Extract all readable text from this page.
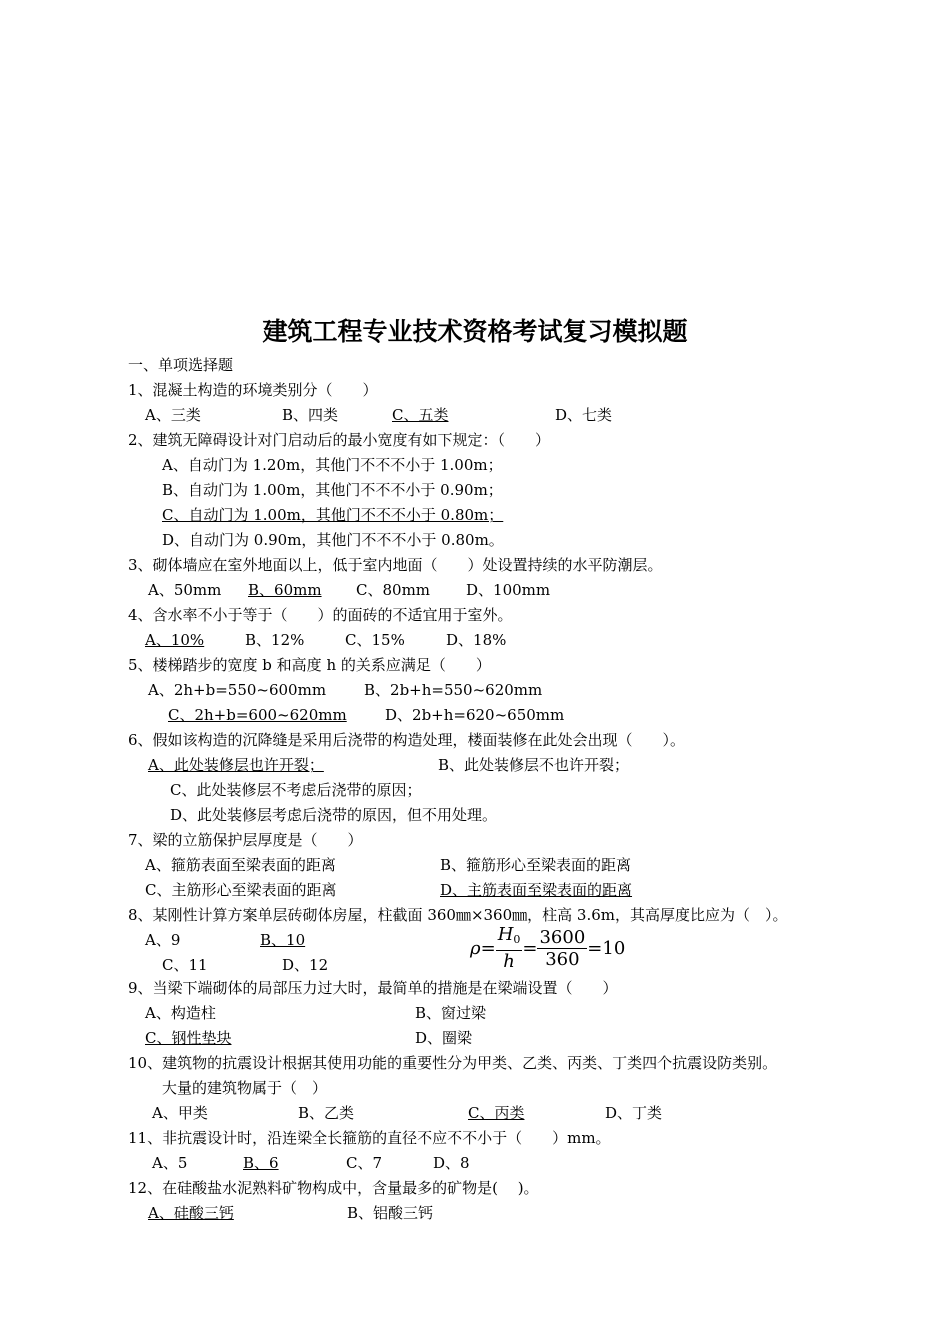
建筑工程专业技术资格考试复习模拟题
一、单项选择题
1、混凝土构造的环境类别分（　　）
A、三类	B、四类	C、五类	D、七类
2、建筑无障碍设计对门启动后的最小宽度有如下规定：（　　）
A、自动门为 1.20m，其他门不不不小于 1.00m；
B、自动门为 1.00m，其他门不不不小于 0.90m；
C、自动门为 1.00m，其他门不不不小于 0.80m；
D、自动门为 0.90m，其他门不不不小于 0.80m。
3、砌体墙应在室外地面以上，低于室内地面（　　）处设置持续的水平防潮层。
A、50mm B、60mm C、80mm D、100mm
4、含水率不小于等于（　　）的面砖的不适宜用于室外。
A、10%	B、12%	C、15%	D、18%
5、楼梯踏步的宽度 b 和高度 h 的关系应满足（　　）
A、2h+b=550~600mm	B、2b+h=550~620mm
C、2h+b=600~620mm	D、2b+h=620~650mm
6、假如该构造的沉降缝是采用后浇带的构造处理，楼面装修在此处会出现（　　）。
A、此处装修层也许开裂；	B、此处装修层不也许开裂；
C、此处装修层不考虑后浇带的原因；
D、此处装修层考虑后浇带的原因，但不用处理。
7、梁的立筋保护层厚度是（　　）
A、箍筋表面至梁表面的距离	B、箍筋形心至梁表面的距离
C、主筋形心至梁表面的距离	D、主筋表面至梁表面的距离
8、某刚性计算方案单层砖砌体房屋，柱截面 360㎜×360㎜，柱高 3.6m，其高厚度比应为（　）。
A、9	B、10
C、11	D、12
$\rho= \frac{H_0}{h} = \frac{3600}{360} =10$
9、当梁下端砌体的局部压力过大时，最简单的措施是在梁端设置（　　）
A、构造柱	B、窗过梁
C、钢性垫块	D、圈梁
10、建筑物的抗震设计根据其使用功能的重要性分为甲类、乙类、丙类、丁类四个抗震设防类别。
大量的建筑物属于（　）
A、甲类	B、乙类	C、丙类	D、丁类
11、非抗震设计时，沿连梁全长箍筋的直径不应不不小于（　　）mm。
A、5	B、6	C、7	D、8
12、在硅酸盐水泥熟料矿物构成中，含量最多的矿物是(　 )。
A、硅酸三钙	B、铝酸三钙
